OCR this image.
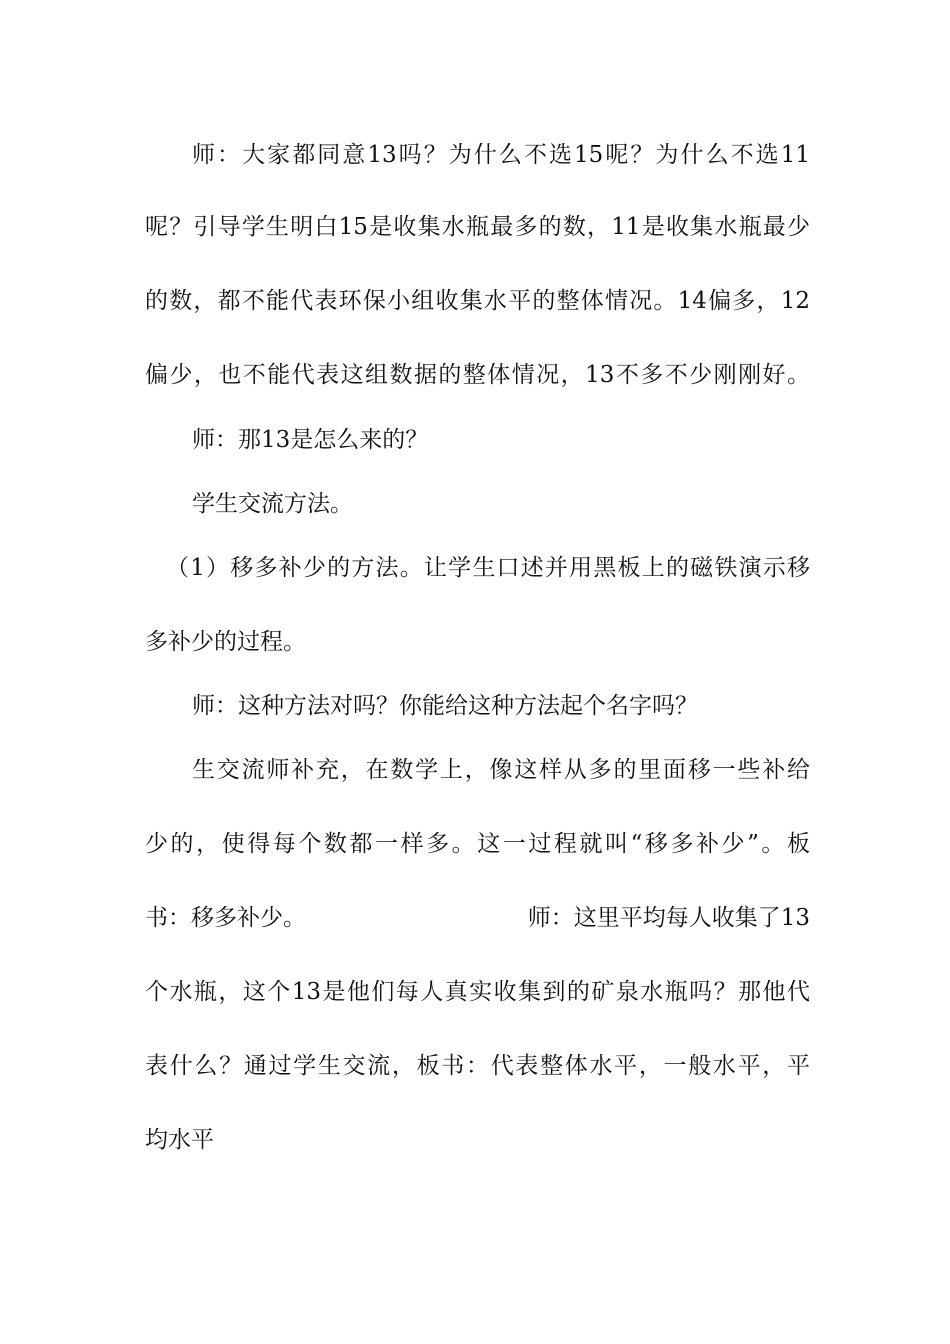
师：大家都同意13吗？为什么不选15呢？为什么不选11
呢？引导学生明白15是收集水瓶最多的数，11是收集水瓶最少
的数，都不能代表环保小组收集水平的整体情况。14偏多，12
偏少，也不能代表这组数据的整体情况，13不多不少刚刚好。
师：那13是怎么来的？
学生交流方法。
（1）移多补少的方法。让学生口述并用黑板上的磁铁演示移
多补少的过程。
师：这种方法对吗？你能给这种方法起个名字吗？
生交流师补充，在数学上，像这样从多的里面移一些补给
少的，使得每个数都一样多。这一过程就叫“移多补少”。板
书：移多补少。	师：这里平均每人收集了13
个水瓶，这个13是他们每人真实收集到的矿泉水瓶吗？那他代
表什么？通过学生交流，板书：代表整体水平，一般水平，平
均水平
